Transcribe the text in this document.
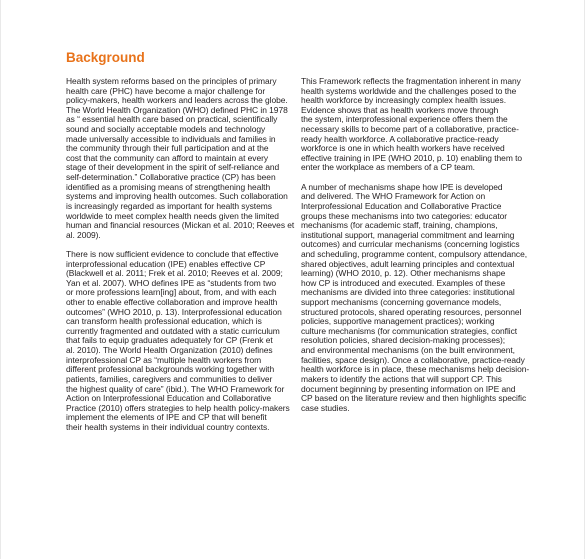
Background
Health system reforms based on the principles of primary
health care (PHC) have become a major challenge for
policy-makers, health workers and leaders across the globe.
The World Health Organization (WHO) defined PHC in 1978
as “ essential health care based on practical, scientifically
sound and socially acceptable models and technology
made universally accessible to individuals and families in
the community through their full participation and at the
cost that the community can afford to maintain at every
stage of their development in the spirit of self-reliance and
self-determination.” Collaborative practice (CP) has been
identified as a promising means of strengthening health
systems and improving health outcomes. Such collaboration
is increasingly regarded as important for health systems
worldwide to meet complex health needs given the limited
human and financial resources (Mickan et al. 2010; Reeves et
al. 2009).
There is now sufficient evidence to conclude that effective
interprofessional education (IPE) enables effective CP
(Blackwell et al. 2011; Frek et al. 2010; Reeves et al. 2009;
Yan et al. 2007). WHO defines IPE as “students from two
or more professions learn[ing] about, from, and with each
other to enable effective collaboration and improve health
outcomes” (WHO 2010, p. 13). Interprofessional education
can transform health professional education, which is
currently fragmented and outdated with a static curriculum
that fails to equip graduates adequately for CP (Frenk et
al. 2010). The World Health Organization (2010) defines
interprofessional CP as “multiple health workers from
different professional backgrounds working together with
patients, families, caregivers and communities to deliver
the highest quality of care” (ibid.). The WHO Framework for
Action on Interprofessional Education and Collaborative
Practice (2010) offers strategies to help health policy-makers
implement the elements of IPE and CP that will benefit
their health systems in their individual country contexts.
This Framework reflects the fragmentation inherent in many
health systems worldwide and the challenges posed to the
health workforce by increasingly complex health issues.
Evidence shows that as health workers move through
the system, interprofessional experience offers them the
necessary skills to become part of a collaborative, practice-
ready health workforce. A collaborative practice-ready
workforce is one in which health workers have received
effective training in IPE (WHO 2010, p. 10) enabling them to
enter the workplace as members of a CP team.
A number of mechanisms shape how IPE is developed
and delivered. The WHO Framework for Action on
Interprofessional Education and Collaborative Practice
groups these mechanisms into two categories: educator
mechanisms (for academic staff, training, champions,
institutional support, managerial commitment and learning
outcomes) and curricular mechanisms (concerning logistics
and scheduling, programme content, compulsory attendance,
shared objectives, adult learning principles and contextual
learning) (WHO 2010, p. 12). Other mechanisms shape
how CP is introduced and executed. Examples of these
mechanisms are divided into three categories: institutional
support mechanisms (concerning governance models,
structured protocols, shared operating resources, personnel
policies, supportive management practices); working
culture mechanisms (for communication strategies, conflict
resolution policies, shared decision-making processes);
and environmental mechanisms (on the built environment,
facilities, space design). Once a collaborative, practice-ready
health workforce is in place, these mechanisms help decision-
makers to identify the actions that will support CP. This
document beginning by presenting information on IPE and
CP based on the literature review and then highlights specific
case studies.
